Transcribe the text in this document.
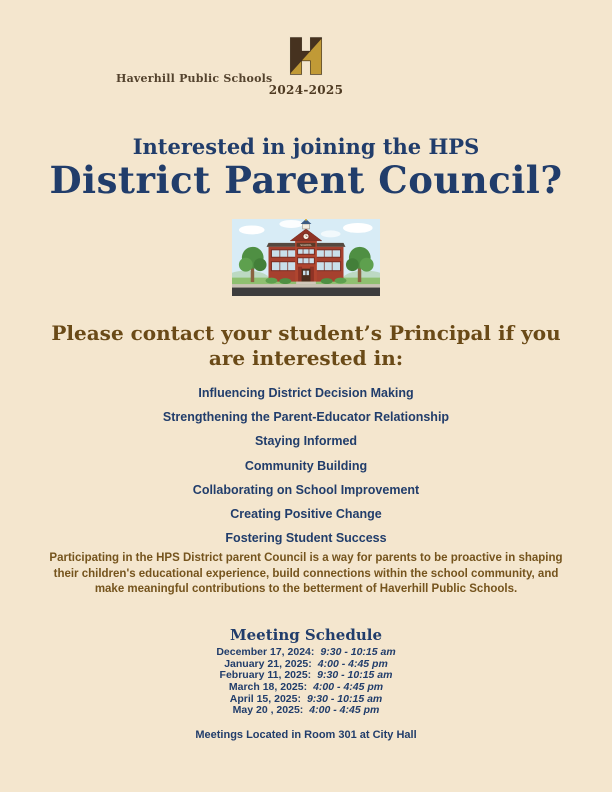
Haverhill Public Schools
2024-2025
Interested in joining the HPS
District Parent Council?
SCHOOL
Please contact your student’s Principal if you are interested in:
Influencing District Decision Making
Strengthening the Parent-Educator Relationship
Staying Informed
Community Building
Collaborating on School Improvement
Creating Positive Change
Fostering Student Success
Participating in the HPS District parent Council is a way for parents to be proactive in shaping their children's educational experience, build connections within the school community, and make meaningful contributions to the betterment of Haverhill Public Schools.
Meeting Schedule
December 17, 2024: 9:30 - 10:15 am
January 21, 2025: 4:00 - 4:45 pm
February 11, 2025: 9:30 - 10:15 am
March 18, 2025: 4:00 - 4:45 pm
April 15, 2025: 9:30 - 10:15 am
May 20 , 2025: 4:00 - 4:45 pm
Meetings Located in Room 301 at City Hall
